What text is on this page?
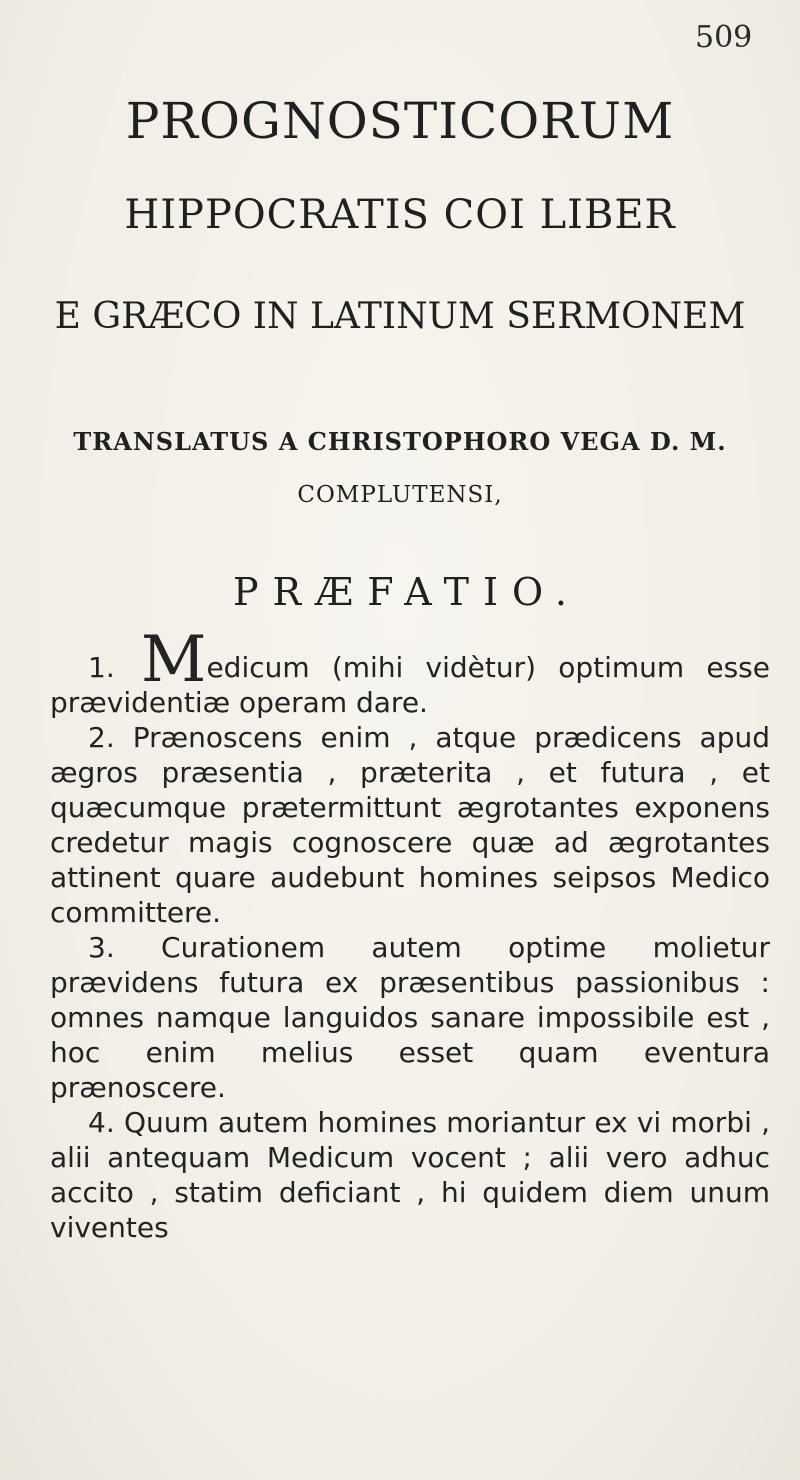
509
PROGNOSTICORUM
HIPPOCRATIS COI LIBER
E GRÆCO IN LATINUM SERMONEM
TRANSLATUS A CHRISTOPHORO VEGA D. M.
COMPLUTENSI,
PRÆFATIO.

1. Medicum (mihi vidètur) optimum esse prævidentiæ operam dare.

2. Prænoscens enim , atque prædicens apud ægros præsentia , præterita , et futura , et quæcumque prætermittunt ægrotantes exponens credetur magis cognoscere quæ ad ægrotantes attinent quare audebunt homines seipsos Medico committere.

3. Curationem autem optime molietur prævidens futura ex præsentibus passionibus : omnes namque languidos sanare impossibile est , hoc enim melius esset quam eventura prænoscere.

4. Quum autem homines moriantur ex vi morbi , alii antequam Medicum vocent ; alii vero adhuc accito , statim deficiant , hi quidem diem unum viventes
